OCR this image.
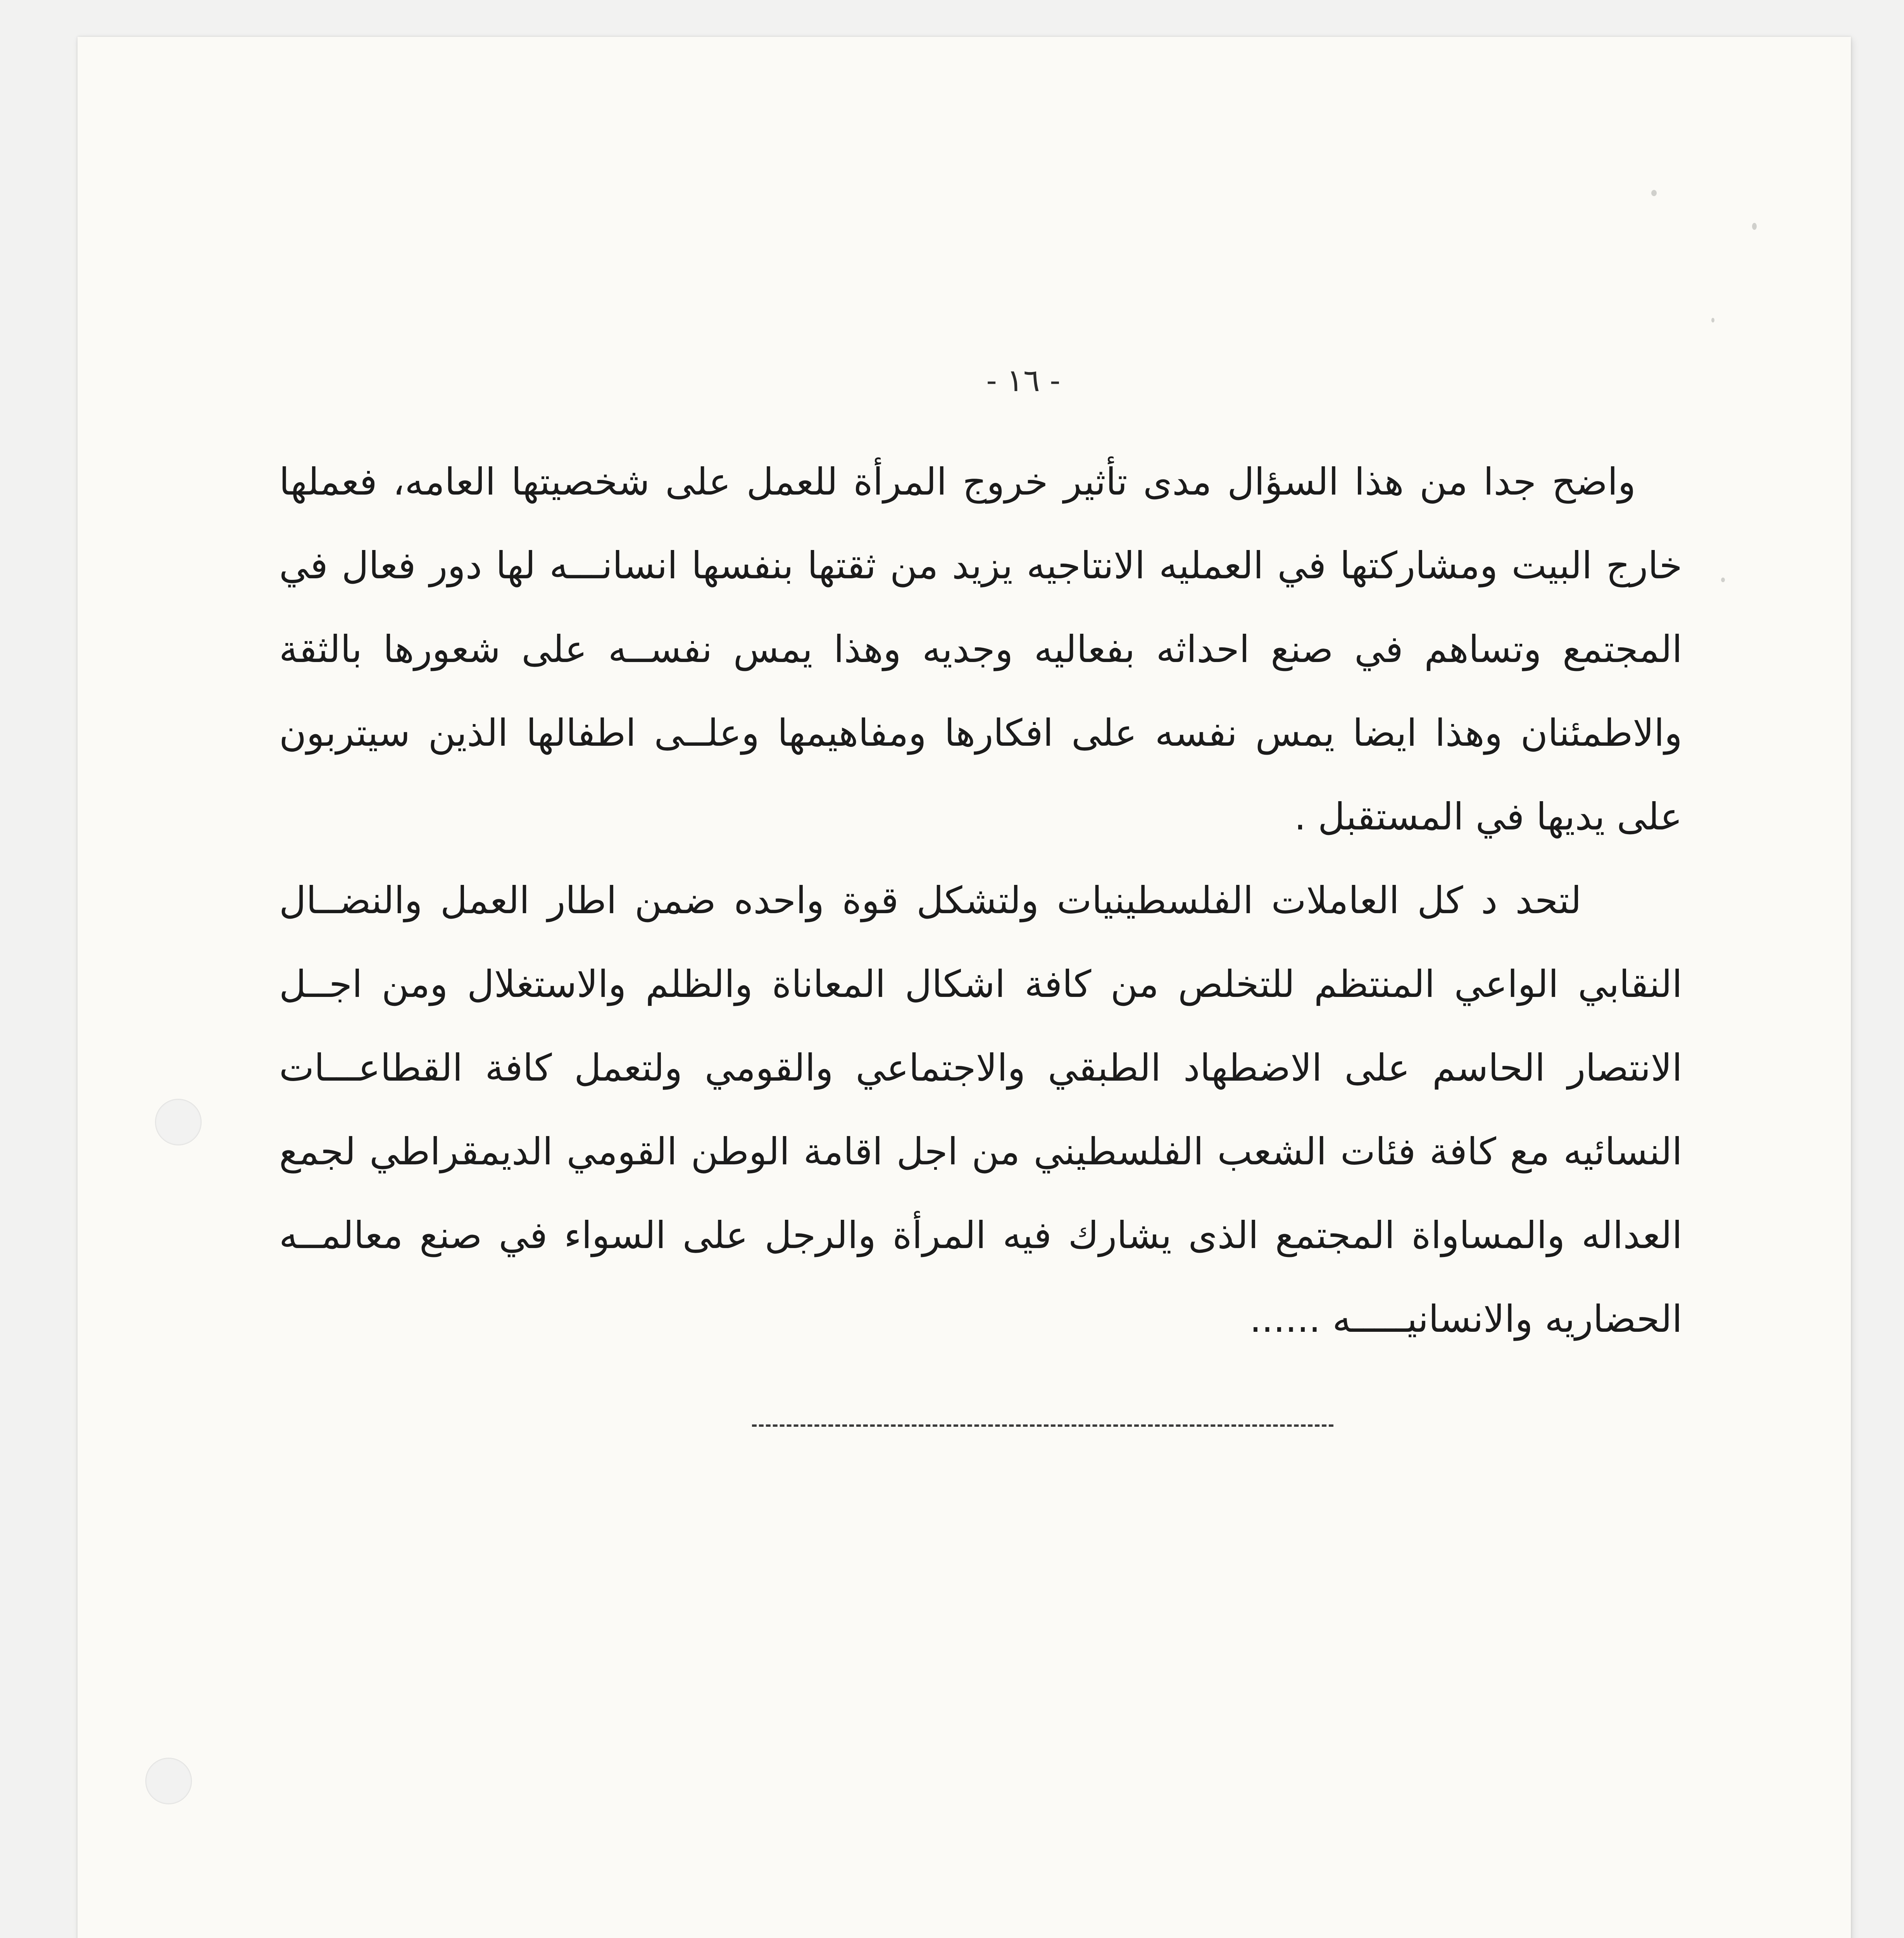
- ١٦ -

واضح جدا من هذا السؤال مدى تأثير خروج المرأة للعمل على شخصيتها العامه، فعملها خارج البيت ومشاركتها في العمليه الانتاجيه يزيد من ثقتها بنفسها انسانـــه لها دور فعال في المجتمع وتساهم في صنع احداثه بفعاليه وجديه وهذا يمس نفســه على شعورها بالثقة والاطمئنان وهذا ايضا يمس نفسه على افكارها ومفاهيمها وعلــى اطفالها الذين سيتربون على يديها في المستقبل .

لتحد د كل العاملات الفلسطينيات ولتشكل قوة واحده ضمن اطار العمل والنضــال النقابي الواعي المنتظم للتخلص من كافة اشكال المعاناة والظلم والاستغلال ومن اجــل الانتصار الحاسم على الاضطهاد الطبقي والاجتماعي والقومي ولتعمل كافة القطاعـــات النسائيه مع كافة فئات الشعب الفلسطيني من اجل اقامة الوطن القومي الديمقراطي لجمع العداله والمساواة المجتمع الذى يشارك فيه المرأة والرجل على السواء في صنع معالمــه الحضاريه والانسانيـــــه ......
